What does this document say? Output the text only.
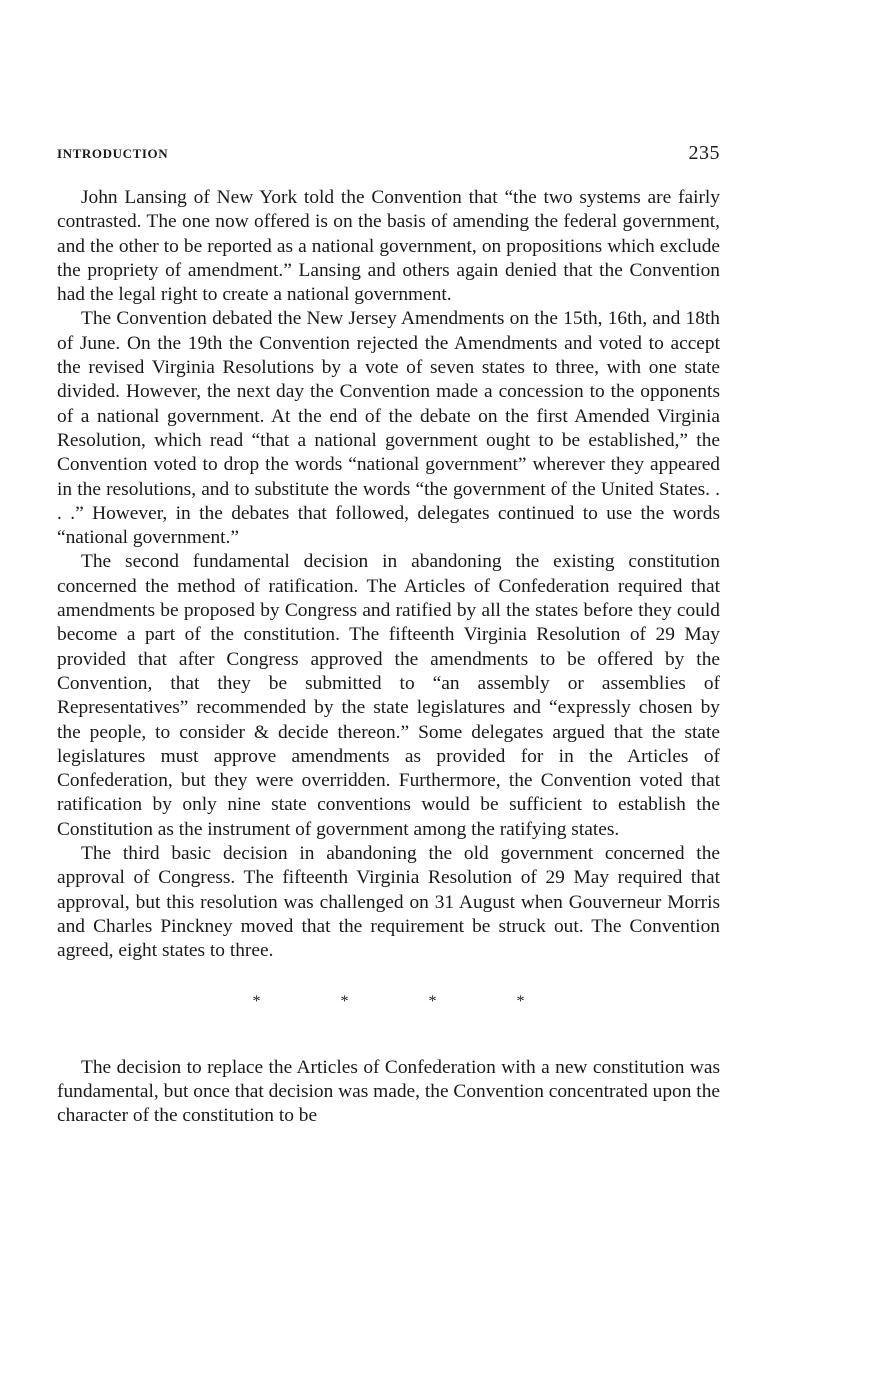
INTRODUCTION	235

John Lansing of New York told the Convention that “the two systems are fairly contrasted. The one now offered is on the basis of amending the federal government, and the other to be reported as a national government, on propositions which exclude the propriety of amendment.” Lansing and others again denied that the Convention had the legal right to create a national government.

The Convention debated the New Jersey Amendments on the 15th, 16th, and 18th of June. On the 19th the Convention rejected the Amendments and voted to accept the revised Virginia Resolutions by a vote of seven states to three, with one state divided. However, the next day the Convention made a concession to the opponents of a national government. At the end of the debate on the first Amended Virginia Resolution, which read “that a national government ought to be established,” the Convention voted to drop the words “national government” wherever they appeared in the resolutions, and to substitute the words “the government of the United States. . . .” However, in the debates that followed, delegates continued to use the words “national government.”

The second fundamental decision in abandoning the existing constitution concerned the method of ratification. The Articles of Confederation required that amendments be proposed by Congress and ratified by all the states before they could become a part of the constitution. The fifteenth Virginia Resolution of 29 May provided that after Congress approved the amendments to be offered by the Convention, that they be submitted to “an assembly or assemblies of Representatives” recommended by the state legislatures and “expressly chosen by the people, to consider & decide thereon.” Some delegates argued that the state legislatures must approve amendments as provided for in the Articles of Confederation, but they were overridden. Furthermore, the Convention voted that ratification by only nine state conventions would be sufficient to establish the Constitution as the instrument of government among the ratifying states.

The third basic decision in abandoning the old government concerned the approval of Congress. The fifteenth Virginia Resolution of 29 May required that approval, but this resolution was challenged on 31 August when Gouverneur Morris and Charles Pinckney moved that the requirement be struck out. The Convention agreed, eight states to three.

* * * *

The decision to replace the Articles of Confederation with a new constitution was fundamental, but once that decision was made, the Convention concentrated upon the character of the constitution to be
